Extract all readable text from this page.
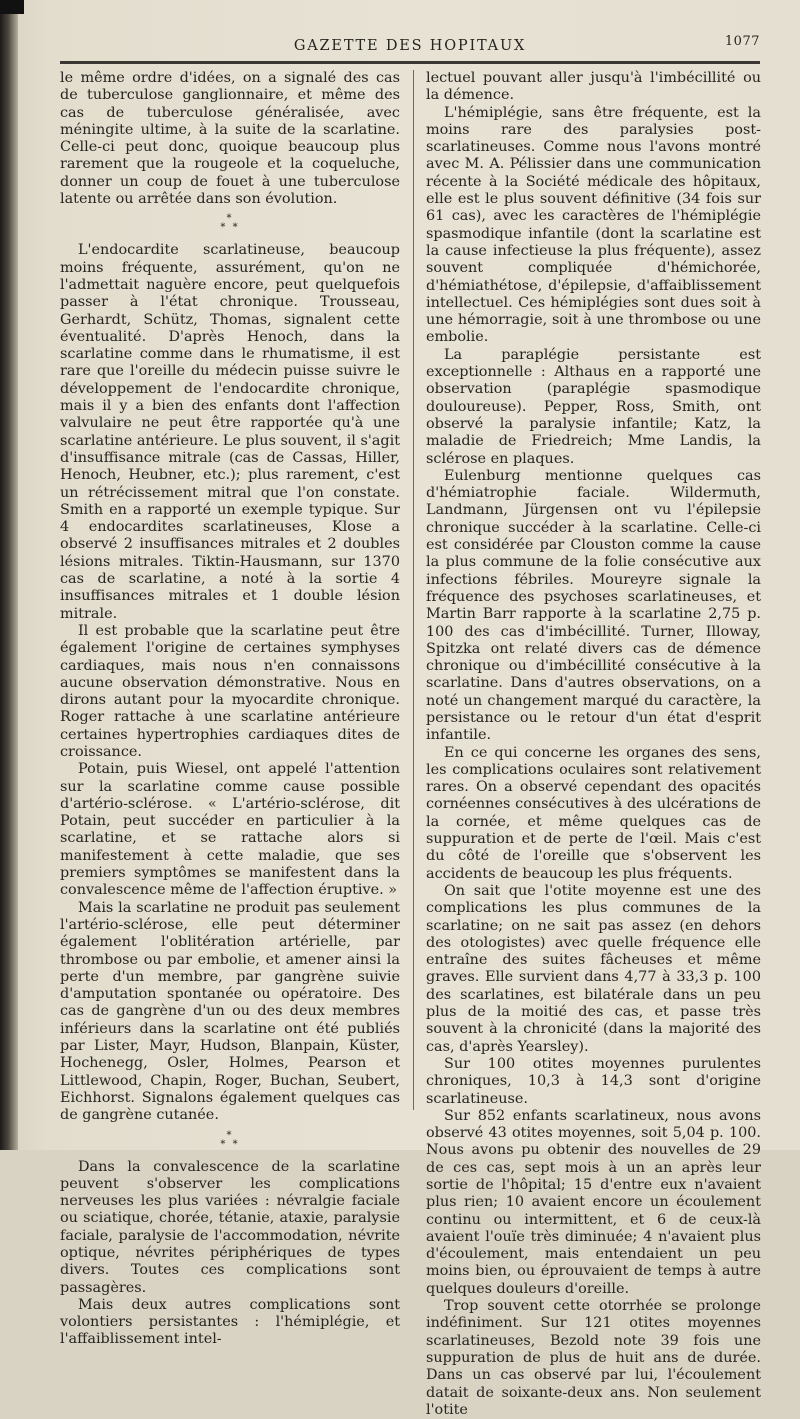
GAZETTE DES HOPITAUX	1077

le même ordre d'idées, on a signalé des cas de tuberculose ganglionnaire, et même des cas de tuberculose généralisée, avec méningite ultime, à la suite de la scarlatine. Celle-ci peut donc, quoique beaucoup plus rarement que la rougeole et la coqueluche, donner un coup de fouet à une tuberculose latente ou arrêtée dans son évolution.

*
* *

L'endocardite scarlatineuse, beaucoup moins fréquente, assurément, qu'on ne l'admettait naguère encore, peut quelquefois passer à l'état chronique. Trousseau, Gerhardt, Schütz, Thomas, signalent cette éventualité. D'après Henoch, dans la scarlatine comme dans le rhumatisme, il est rare que l'oreille du médecin puisse suivre le développement de l'endocardite chronique, mais il y a bien des enfants dont l'affection valvulaire ne peut être rapportée qu'à une scarlatine antérieure. Le plus souvent, il s'agit d'insuffisance mitrale (cas de Cassas, Hiller, Henoch, Heubner, etc.); plus rarement, c'est un rétrécissement mitral que l'on constate. Smith en a rapporté un exemple typique. Sur 4 endocardites scarlatineuses, Klose a observé 2 insuffisances mitrales et 2 doubles lésions mitrales. Tiktin-Hausmann, sur 1370 cas de scarlatine, a noté à la sortie 4 insuffisances mitrales et 1 double lésion mitrale.

Il est probable que la scarlatine peut être également l'origine de certaines symphyses cardiaques, mais nous n'en connaissons aucune observation démonstrative. Nous en dirons autant pour la myocardite chronique. Roger rattache à une scarlatine antérieure certaines hypertrophies cardiaques dites de croissance.

Potain, puis Wiesel, ont appelé l'attention sur la scarlatine comme cause possible d'artério-sclérose. « L'artério-sclérose, dit Potain, peut succéder en particulier à la scarlatine, et se rattache alors si manifestement à cette maladie, que ses premiers symptômes se manifestent dans la convalescence même de l'affection éruptive. »

Mais la scarlatine ne produit pas seulement l'artério-sclérose, elle peut déterminer également l'oblitération artérielle, par thrombose ou par embolie, et amener ainsi la perte d'un membre, par gangrène suivie d'amputation spontanée ou opératoire. Des cas de gangrène d'un ou des deux membres inférieurs dans la scarlatine ont été publiés par Lister, Mayr, Hudson, Blanpain, Küster, Hochenegg, Osler, Holmes, Pearson et Littlewood, Chapin, Roger, Buchan, Seubert, Eichhorst. Signalons également quelques cas de gangrène cutanée.

*
* *

Dans la convalescence de la scarlatine peuvent s'observer les complications nerveuses les plus variées : névralgie faciale ou sciatique, chorée, tétanie, ataxie, paralysie faciale, paralysie de l'accommodation, névrite optique, névrites périphériques de types divers. Toutes ces complications sont passagères.

Mais deux autres complications sont volontiers persistantes : l'hémiplégie, et l'affaiblissement intel-

lectuel pouvant aller jusqu'à l'imbécillité ou la démence.

L'hémiplégie, sans être fréquente, est la moins rare des paralysies post-scarlatineuses. Comme nous l'avons montré avec M. A. Pélissier dans une communication récente à la Société médicale des hôpitaux, elle est le plus souvent définitive (34 fois sur 61 cas), avec les caractères de l'hémiplégie spasmodique infantile (dont la scarlatine est la cause infectieuse la plus fréquente), assez souvent compliquée d'hémichorée, d'hémiathétose, d'épilepsie, d'affaiblissement intellectuel. Ces hémiplégies sont dues soit à une hémorragie, soit à une thrombose ou une embolie.

La paraplégie persistante est exceptionnelle : Althaus en a rapporté une observation (paraplégie spasmodique douloureuse). Pepper, Ross, Smith, ont observé la paralysie infantile; Katz, la maladie de Friedreich; Mme Landis, la sclérose en plaques.

Eulenburg mentionne quelques cas d'hémiatrophie faciale. Wildermuth, Landmann, Jürgensen ont vu l'épilepsie chronique succéder à la scarlatine. Celle-ci est considérée par Clouston comme la cause la plus commune de la folie consécutive aux infections fébriles. Moureyre signale la fréquence des psychoses scarlatineuses, et Martin Barr rapporte à la scarlatine 2,75 p. 100 des cas d'imbécillité. Turner, Illoway, Spitzka ont relaté divers cas de démence chronique ou d'imbécillité consécutive à la scarlatine. Dans d'autres observations, on a noté un changement marqué du caractère, la persistance ou le retour d'un état d'esprit infantile.

En ce qui concerne les organes des sens, les complications oculaires sont relativement rares. On a observé cependant des opacités cornéennes consécutives à des ulcérations de la cornée, et même quelques cas de suppuration et de perte de l'œil. Mais c'est du côté de l'oreille que s'observent les accidents de beaucoup les plus fréquents.

On sait que l'otite moyenne est une des complications les plus communes de la scarlatine; on ne sait pas assez (en dehors des otologistes) avec quelle fréquence elle entraîne des suites fâcheuses et même graves. Elle survient dans 4,77 à 33,3 p. 100 des scarlatines, est bilatérale dans un peu plus de la moitié des cas, et passe très souvent à la chronicité (dans la majorité des cas, d'après Yearsley).

Sur 100 otites moyennes purulentes chroniques, 10,3 à 14,3 sont d'origine scarlatineuse.

Sur 852 enfants scarlatineux, nous avons observé 43 otites moyennes, soit 5,04 p. 100. Nous avons pu obtenir des nouvelles de 29 de ces cas, sept mois à un an après leur sortie de l'hôpital; 15 d'entre eux n'avaient plus rien; 10 avaient encore un écoulement continu ou intermittent, et 6 de ceux-là avaient l'ouïe très diminuée; 4 n'avaient plus d'écoulement, mais entendaient un peu moins bien, ou éprouvaient de temps à autre quelques douleurs d'oreille.

Trop souvent cette otorrhée se prolonge indéfiniment. Sur 121 otites moyennes scarlatineuses, Bezold note 39 fois une suppuration de plus de huit ans de durée. Dans un cas observé par lui, l'écoulement datait de soixante-deux ans. Non seulement l'otite
